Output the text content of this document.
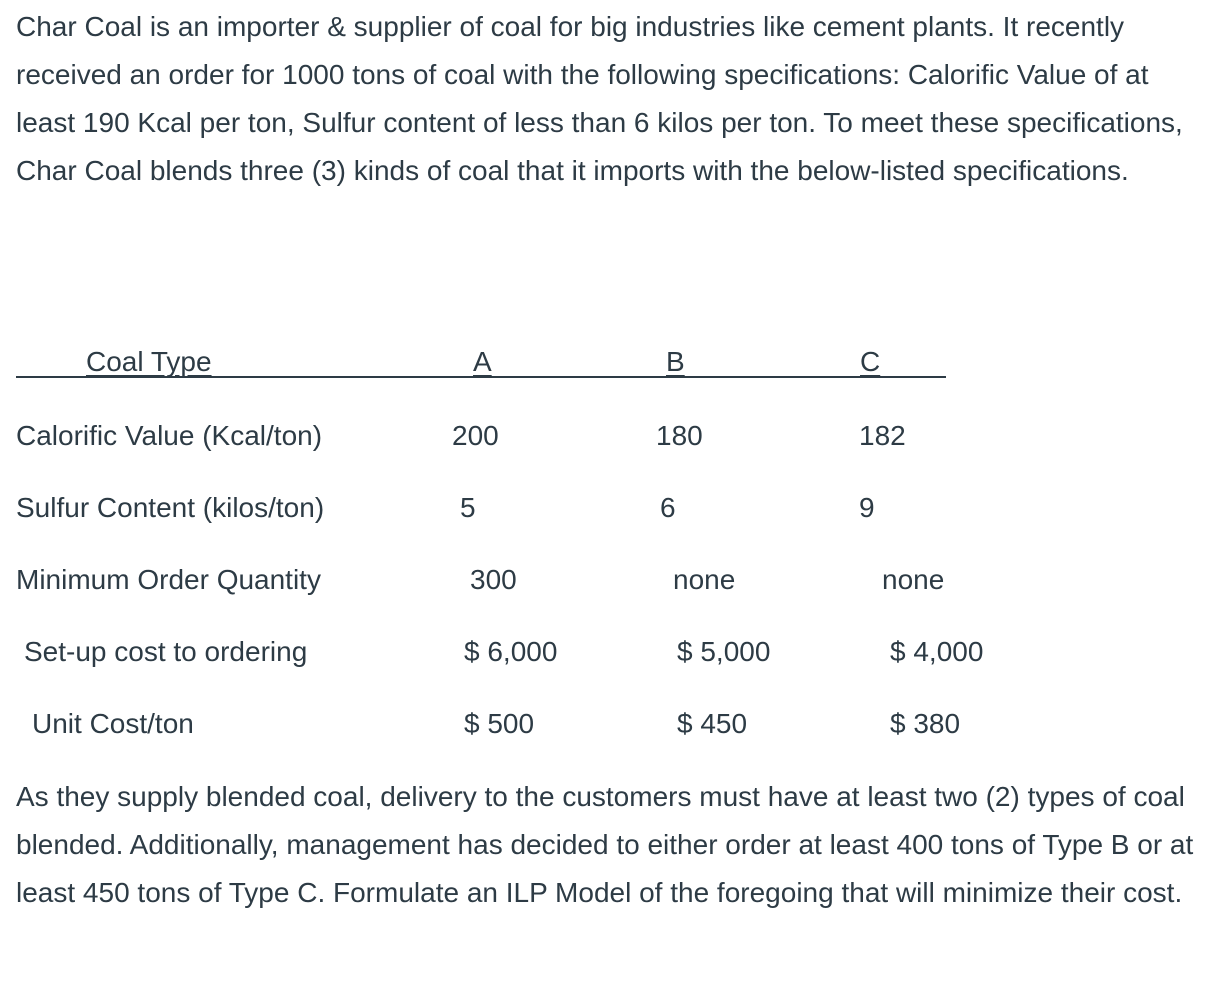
Char Coal is an importer & supplier of coal for big industries like cement plants. It recently received an order for 1000 tons of coal with the following specifications: Calorific Value of at least 190 Kcal per ton, Sulfur content of less than 6 kilos per ton. To meet these specifications, Char Coal blends three (3) kinds of coal that it imports with the below-listed specifications.

Coal Type	A	B	C
Calorific Value (Kcal/ton)	200	180	182
Sulfur Content (kilos/ton)	5	6	9
Minimum Order Quantity	300	none	none
Set-up cost to ordering	$ 6,000	$ 5,000	$ 4,000
Unit Cost/ton	$ 500	$ 450	$ 380

As they supply blended coal, delivery to the customers must have at least two (2) types of coal blended. Additionally, management has decided to either order at least 400 tons of Type B or at least 450 tons of Type C. Formulate an ILP Model of the foregoing that will minimize their cost.
